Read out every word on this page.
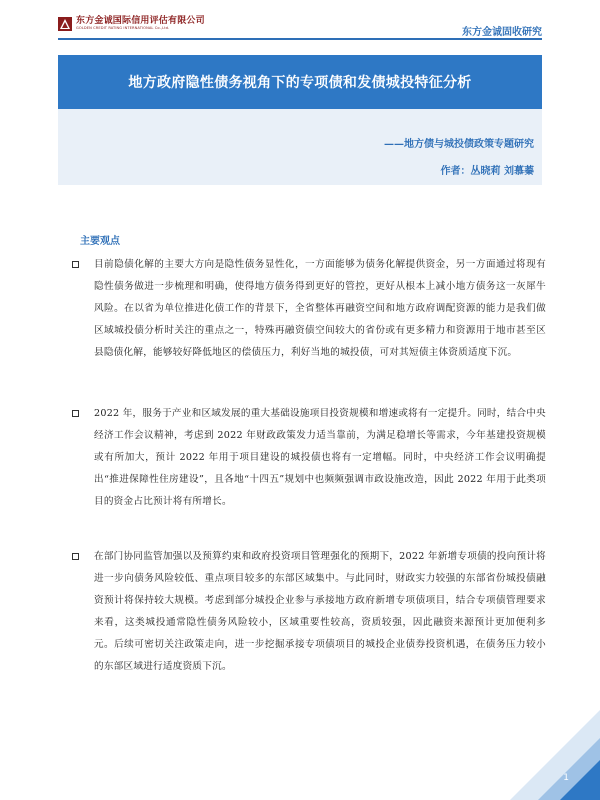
东方金诚国际信用评估有限公司
GOLDEN CREDIT RATING INTERNATIONAL Co.,Ltd.	东方金诚固收研究
地方政府隐性债务视角下的专项债和发债城投特征分析
——地方债与城投债政策专题研究
作者：丛晓莉 刘慕蓁
主要观点

目前隐债化解的主要大方向是隐性债务显性化，一方面能够为债务化解提供资金，另一方面通过将现有隐性债务做进一步梳理和明确，使得地方债务得到更好的管控，更好从根本上减小地方债务这一灰犀牛风险。在以省为单位推进化债工作的背景下，全省整体再融资空间和地方政府调配资源的能力是我们做区域城投债分析时关注的重点之一，特殊再融资债空间较大的省份或有更多精力和资源用于地市甚至区县隐债化解，能够较好降低地区的偿债压力，利好当地的城投债，可对其短债主体资质适度下沉。

2022 年，服务于产业和区域发展的重大基础设施项目投资规模和增速或将有一定提升。同时，结合中央经济工作会议精神，考虑到 2022 年财政政策发力适当靠前，为满足稳增长等需求，今年基建投资规模或有所加大，预计 2022 年用于项目建设的城投债也将有一定增幅。同时，中央经济工作会议明确提出“推进保障性住房建设”，且各地“十四五”规划中也频频强调市政设施改造，因此 2022 年用于此类项目的资金占比预计将有所增长。

在部门协同监管加强以及预算约束和政府投资项目管理强化的预期下，2022 年新增专项债的投向预计将进一步向债务风险较低、重点项目较多的东部区域集中。与此同时，财政实力较强的东部省份城投债融资预计将保持较大规模。考虑到部分城投企业参与承接地方政府新增专项债项目，结合专项债管理要求来看，这类城投通常隐性债务风险较小，区域重要性较高，资质较强，因此融资来源预计更加便利多元。后续可密切关注政策走向，进一步挖掘承接专项债项目的城投企业债券投资机遇，在债务压力较小的东部区域进行适度资质下沉。

1
